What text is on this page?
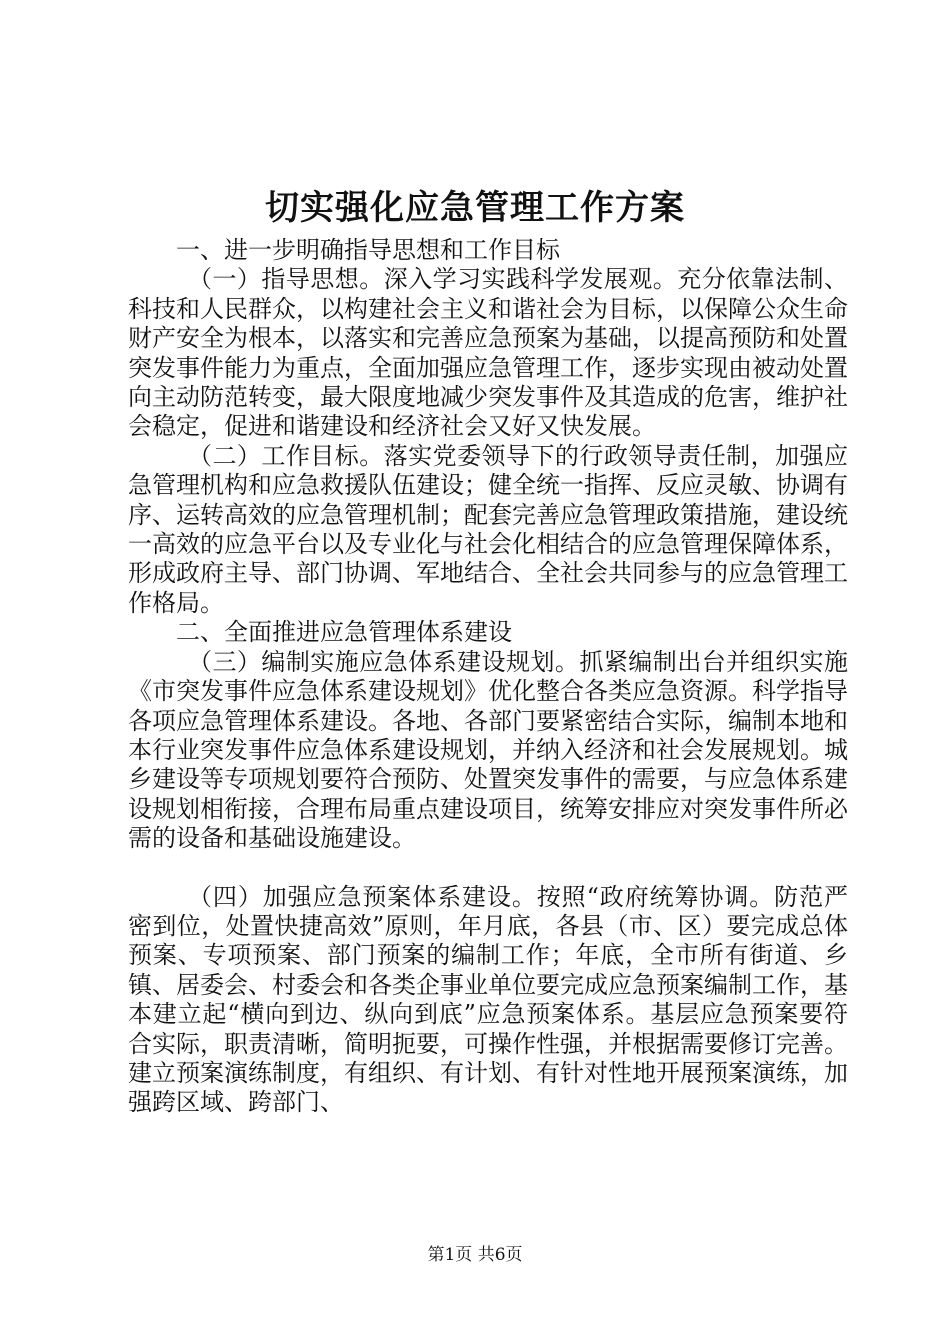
切实强化应急管理工作方案

一、进一步明确指导思想和工作目标

（一）指导思想。深入学习实践科学发展观。充分依靠法制、科技和人民群众，以构建社会主义和谐社会为目标，以保障公众生命财产安全为根本，以落实和完善应急预案为基础，以提高预防和处置突发事件能力为重点，全面加强应急管理工作，逐步实现由被动处置向主动防范转变，最大限度地减少突发事件及其造成的危害，维护社会稳定，促进和谐建设和经济社会又好又快发展。

（二）工作目标。落实党委领导下的行政领导责任制，加强应急管理机构和应急救援队伍建设；健全统一指挥、反应灵敏、协调有序、运转高效的应急管理机制；配套完善应急管理政策措施，建设统一高效的应急平台以及专业化与社会化相结合的应急管理保障体系，形成政府主导、部门协调、军地结合、全社会共同参与的应急管理工作格局。

二、全面推进应急管理体系建设

（三）编制实施应急体系建设规划。抓紧编制出台并组织实施《市突发事件应急体系建设规划》优化整合各类应急资源。科学指导各项应急管理体系建设。各地、各部门要紧密结合实际，编制本地和本行业突发事件应急体系建设规划，并纳入经济和社会发展规划。城乡建设等专项规划要符合预防、处置突发事件的需要，与应急体系建设规划相衔接，合理布局重点建设项目，统筹安排应对突发事件所必需的设备和基础设施建设。

（四）加强应急预案体系建设。按照“政府统筹协调。防范严密到位，处置快捷高效”原则，年月底，各县（市、区）要完成总体预案、专项预案、部门预案的编制工作；年底，全市所有街道、乡镇、居委会、村委会和各类企事业单位要完成应急预案编制工作，基本建立起“横向到边、纵向到底”应急预案体系。基层应急预案要符合实际，职责清晰，简明扼要，可操作性强，并根据需要修订完善。建立预案演练制度，有组织、有计划、有针对性地开展预案演练，加强跨区域、跨部门、

第1页 共6页
